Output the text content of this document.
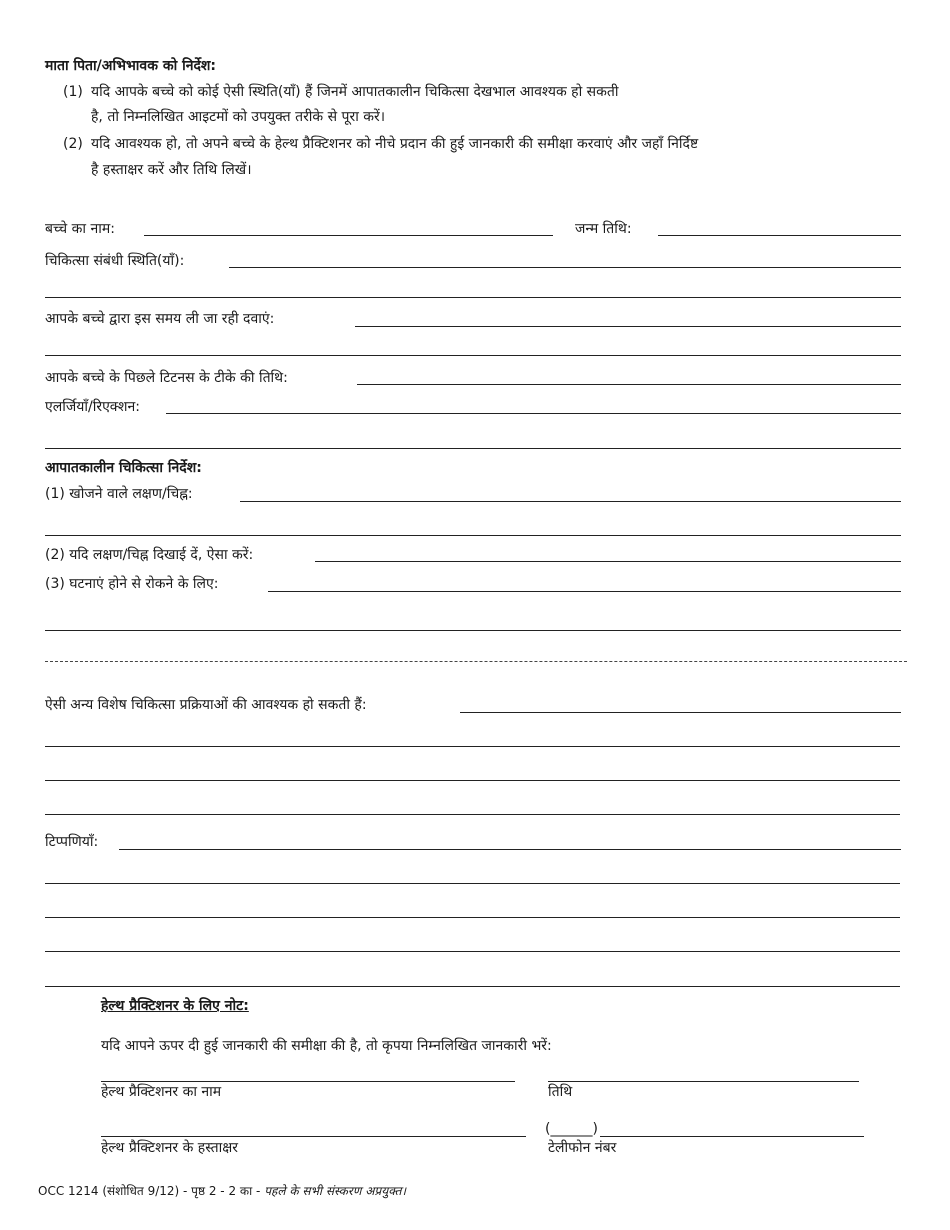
माता पिता/अभिभावक को निर्देश:
(1) यदि आपके बच्चे को कोई ऐसी स्थिति(याँ) हैं जिनमें आपातकालीन चिकित्सा देखभाल आवश्यक हो सकती
है, तो निम्नलिखित आइटमों को उपयुक्त तरीके से पूरा करें।
(2) यदि आवश्यक हो, तो अपने बच्चे के हेल्थ प्रैक्टिशनर को नीचे प्रदान की हुई जानकारी की समीक्षा करवाएं और जहाँ निर्दिष्ट
है हस्ताक्षर करें और तिथि लिखें।
बच्चे का नाम:	जन्म तिथि:
चिकित्सा संबंधी स्थिति(याँ):
आपके बच्चे द्वारा इस समय ली जा रही दवाएं:
आपके बच्चे के पिछले टिटनस के टीके की तिथि:
एलर्जियाँ/रिएक्शन:
आपातकालीन चिकित्सा निर्देश:
(1) खोजने वाले लक्षण/चिह्न:
(2) यदि लक्षण/चिह्न दिखाई दें, ऐसा करें:
(3) घटनाएं होने से रोकने के लिए:
ऐसी अन्य विशेष चिकित्सा प्रक्रियाओं की आवश्यक हो सकती हैं:
टिप्पणियाँ:
हेल्थ प्रैक्टिशनर के लिए नोट:
यदि आपने ऊपर दी हुई जानकारी की समीक्षा की है, तो कृपया निम्नलिखित जानकारी भरें:
हेल्थ प्रैक्टिशनर का नाम	तिथि
हेल्थ प्रैक्टिशनर के हस्ताक्षर
(______)
टेलीफोन नंबर
OCC 1214 (संशोधित 9/12) - पृष्ठ 2 - 2 का - पहले के सभी संस्करण अप्रयुक्त।
